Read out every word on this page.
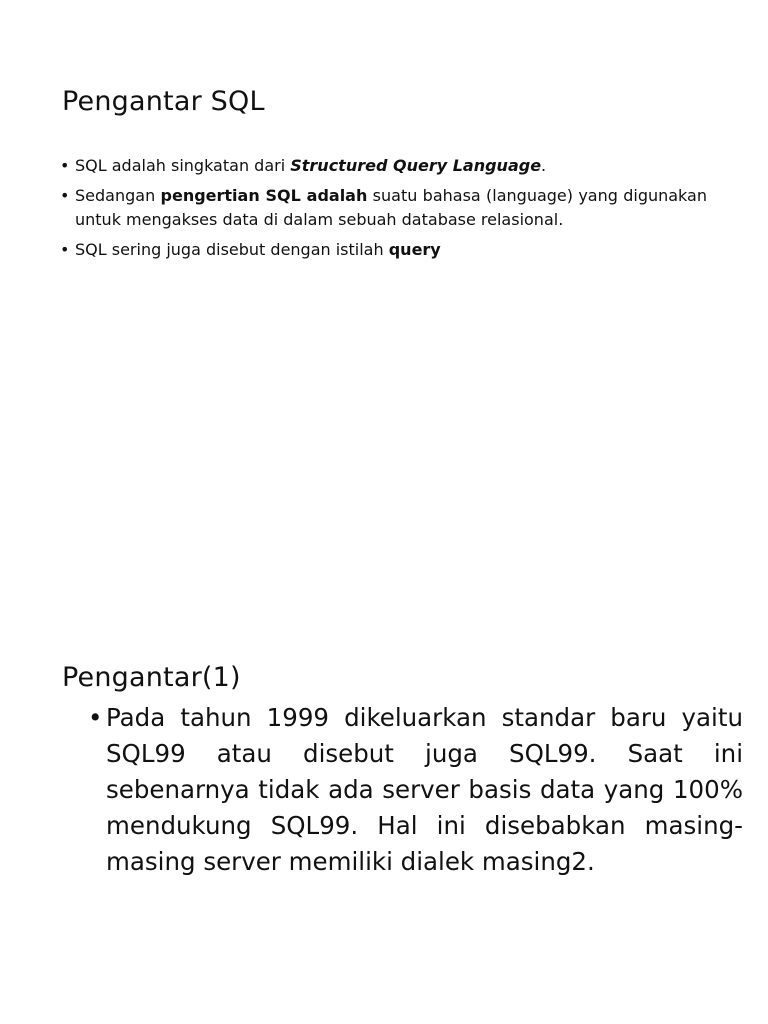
Pengantar SQL
• SQL adalah singkatan dari Structured Query Language.
• Sedangan pengertian SQL adalah suatu bahasa (language) yang digunakan untuk mengakses data di dalam sebuah database relasional.
• SQL sering juga disebut dengan istilah query
Pengantar(1)
• Pada tahun 1999 dikeluarkan standar baru yaitu SQL99 atau disebut juga SQL99. Saat ini sebenarnya tidak ada server basis data yang 100% mendukung SQL99. Hal ini disebabkan masing-masing server memiliki dialek masing2.
